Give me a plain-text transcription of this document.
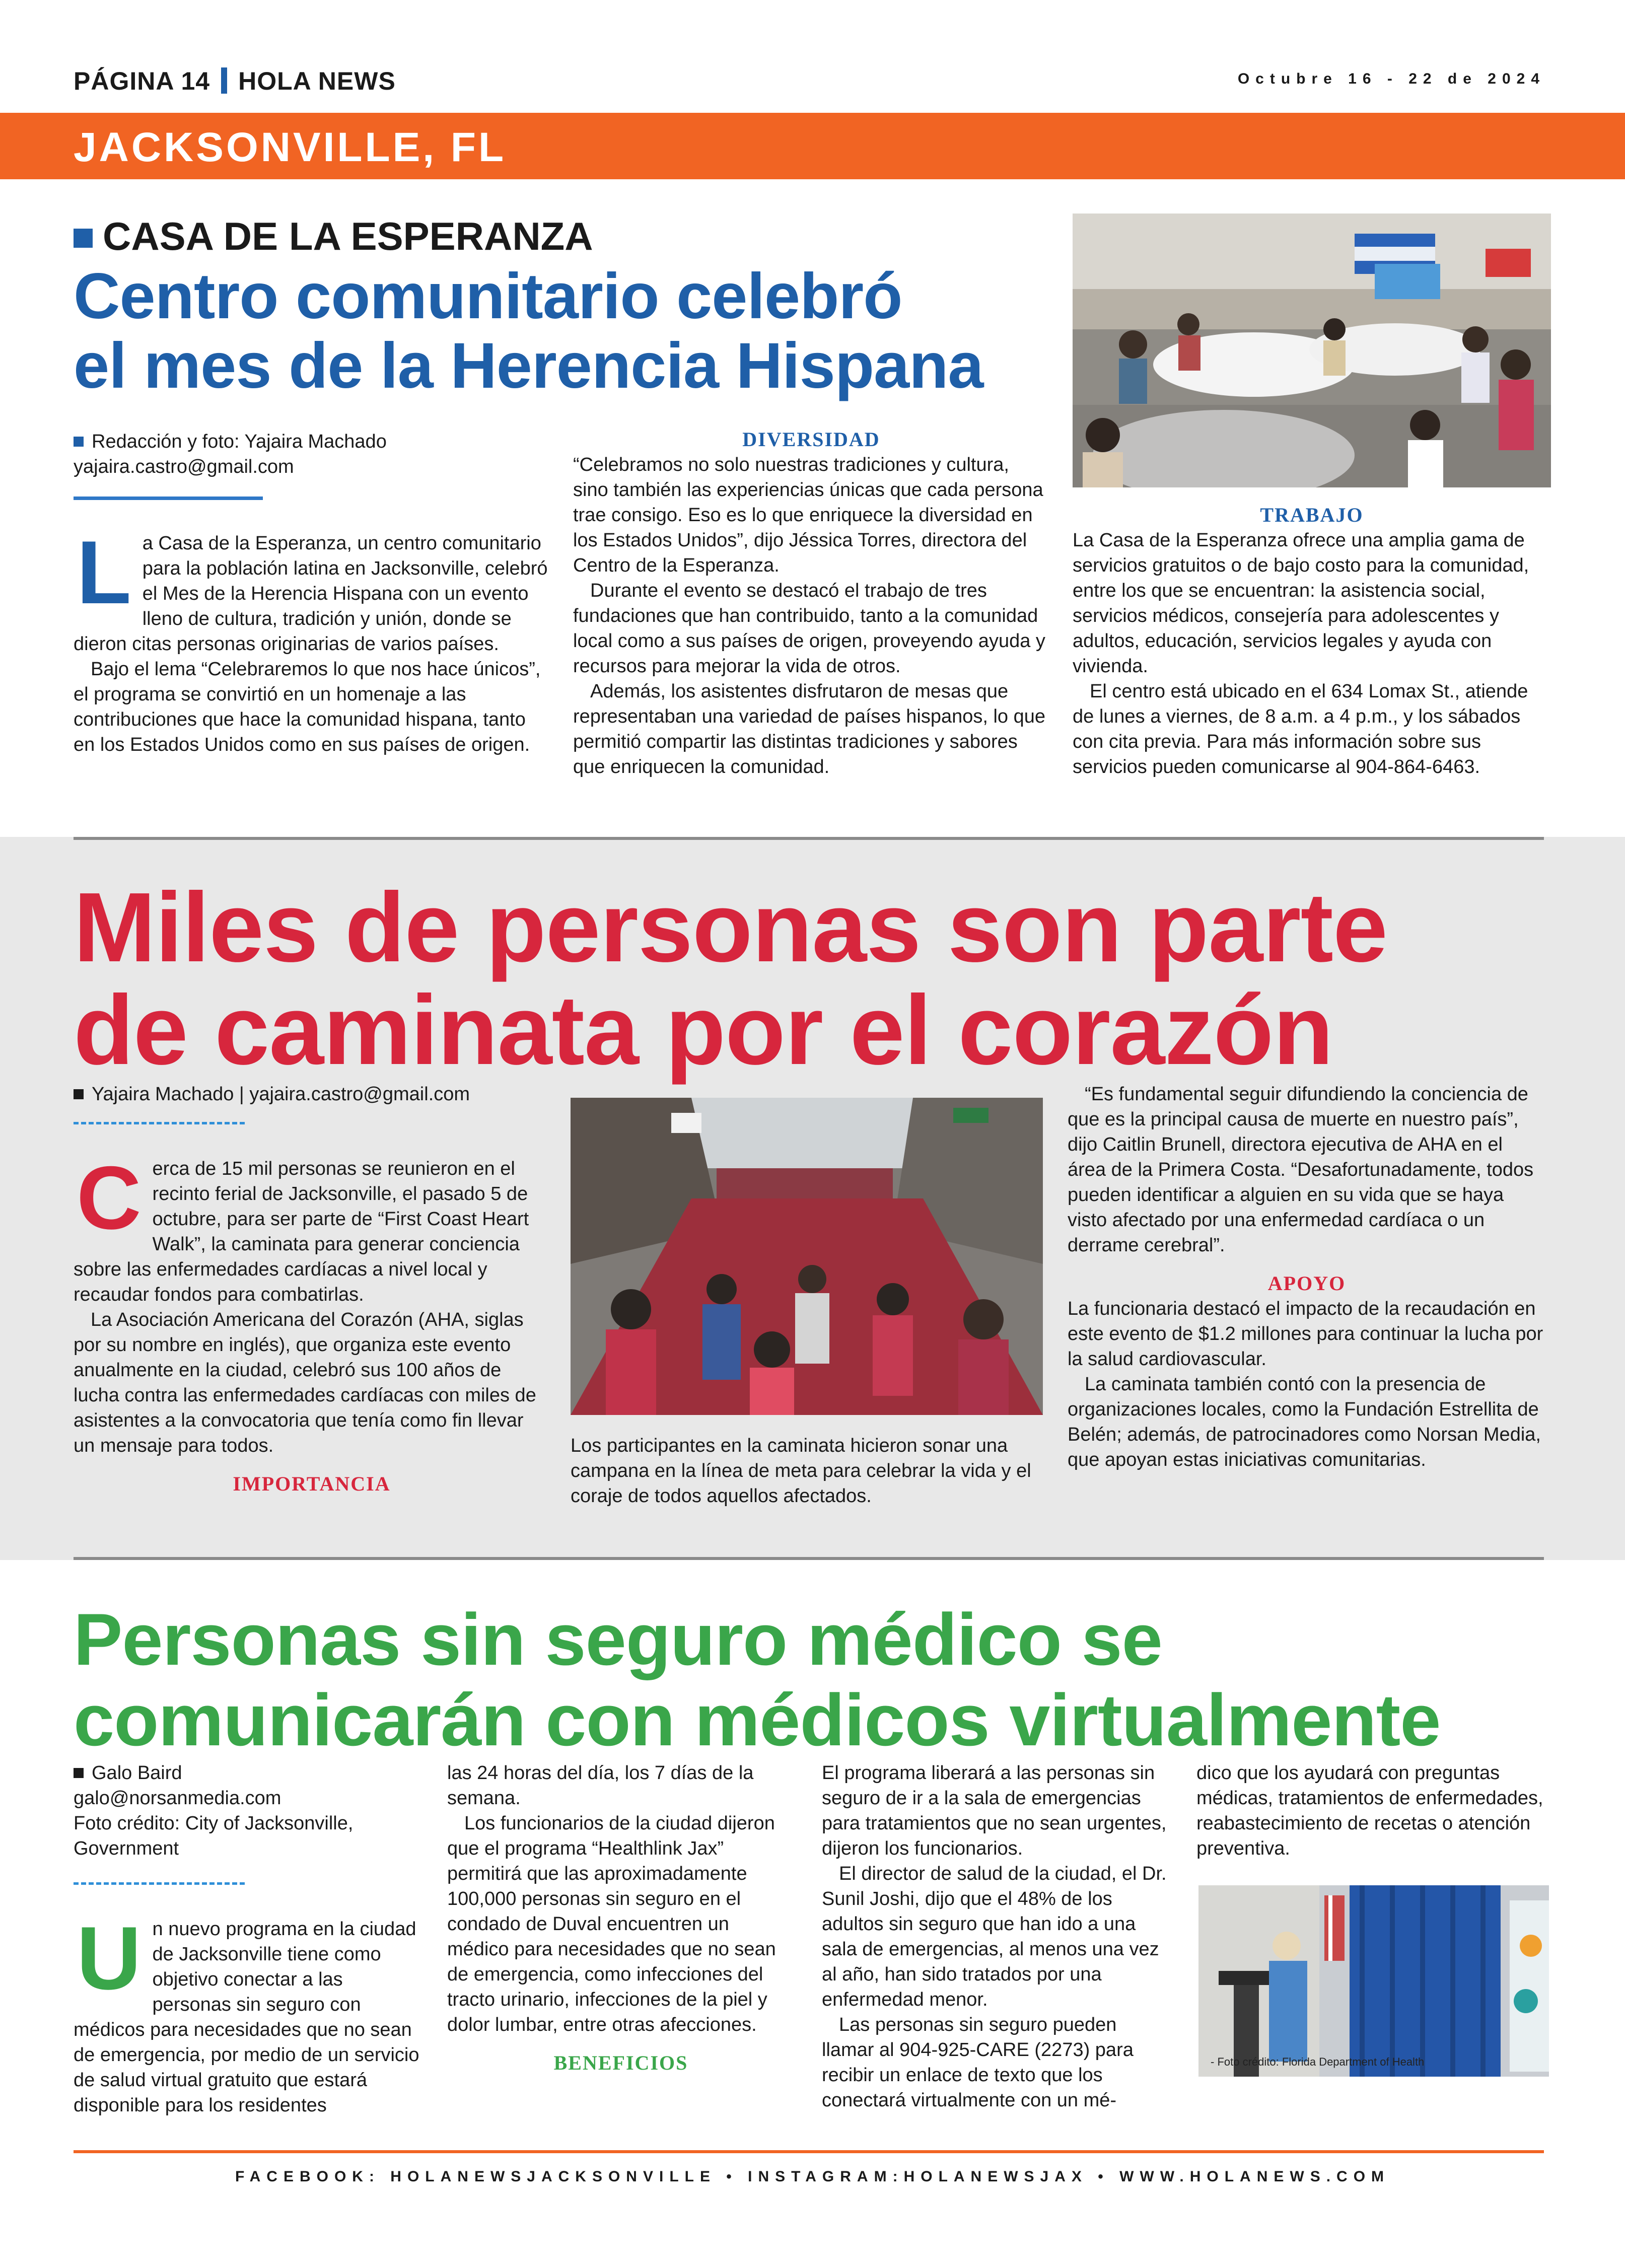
PÁGINA 14 HOLA NEWS	Octubre 16 - 22 de 2024
JACKSONVILLE, FL
CASA DE LA ESPERANZA
Centro comunitario celebró
el mes de la Herencia Hispana
Redacción y foto: Yajaira Machado
yajaira.castro@gmail.com

La Casa de la Esperanza, un centro comunitario para la población latina en Jacksonville, celebró el Mes de la Herencia Hispana con un evento lleno de cultura, tradición y unión, donde se dieron citas personas originarias de varios países.

Bajo el lema “Celebraremos lo que nos hace únicos”, el programa se convirtió en un homenaje a las contribuciones que hace la comunidad hispana, tanto en los Estados Unidos como en sus países de origen.

DIVERSIDAD

“Celebramos no solo nuestras tradiciones y cultura, sino también las experiencias únicas que cada persona trae consigo. Eso es lo que enriquece la diversidad en los Estados Unidos”, dijo Jéssica Torres, directora del Centro de la Esperanza.

Durante el evento se destacó el trabajo de tres fundaciones que han contribuido, tanto a la comunidad local como a sus países de origen, proveyendo ayuda y recursos para mejorar la vida de otros.

Además, los asistentes disfrutaron de mesas que representaban una variedad de países hispanos, lo que permitió compartir las distintas tradiciones y sabores que enriquecen la comunidad.

TRABAJO

La Casa de la Esperanza ofrece una amplia gama de servicios gratuitos o de bajo costo para la comunidad, entre los que se encuentran: la asistencia social, servicios médicos, consejería para adolescentes y adultos, educación, servicios legales y ayuda con vivienda.

El centro está ubicado en el 634 Lomax St., atiende de lunes a viernes, de 8 a.m. a 4 p.m., y los sábados con cita previa. Para más información sobre sus servicios pueden comunicarse al 904-864-6463.

Miles de personas son parte
de caminata por el corazón
Yajaira Machado | yajaira.castro@gmail.com

Cerca de 15 mil personas se reunieron en el recinto ferial de Jacksonville, el pasado 5 de octubre, para ser parte de “First Coast Heart Walk”, la caminata para generar conciencia sobre las enfermedades cardíacas a nivel local y recaudar fondos para combatirlas.

La Asociación Americana del Corazón (AHA, siglas por su nombre en inglés), que organiza este evento anualmente en la ciudad, celebró sus 100 años de lucha contra las enfermedades cardíacas con miles de asistentes a la convocatoria que tenía como fin llevar un mensaje para todos.

IMPORTANCIA
Los participantes en la caminata hicieron sonar una campana en la línea de meta para celebrar la vida y el coraje de todos aquellos afectados.

“Es fundamental seguir difundiendo la conciencia de que es la principal causa de muerte en nuestro país”, dijo Caitlin Brunell, directora ejecutiva de AHA en el área de la Primera Costa. “Desafortunadamente, todos pueden identificar a alguien en su vida que se haya visto afectado por una enfermedad cardíaca o un derrame cerebral”.

APOYO

La funcionaria destacó el impacto de la recaudación en este evento de $1.2 millones para continuar la lucha por la salud cardiovascular.

La caminata también contó con la presencia de organizaciones locales, como la Fundación Estrellita de Belén; además, de patrocinadores como Norsan Media, que apoyan estas iniciativas comunitarias.

Personas sin seguro médico se
comunicarán con médicos virtualmente
Galo Baird
galo@norsanmedia.com
Foto crédito: City of Jacksonville, Government

Un nuevo programa en la ciudad de Jacksonville tiene como objetivo conectar a las personas sin seguro con médicos para necesidades que no sean de emergencia, por medio de un servicio de salud virtual gratuito que estará disponible para los residentes

las 24 horas del día, los 7 días de la semana.

Los funcionarios de la ciudad dijeron que el programa “Healthlink Jax” permitirá que las aproximadamente 100,000 personas sin seguro en el condado de Duval encuentren un médico para necesidades que no sean de emergencia, como infecciones del tracto urinario, infecciones de la piel y dolor lumbar, entre otras afecciones.

BENEFICIOS

El programa liberará a las personas sin seguro de ir a la sala de emergencias para tratamientos que no sean urgentes, dijeron los funcionarios.

El director de salud de la ciudad, el Dr. Sunil Joshi, dijo que el 48% de los adultos sin seguro que han ido a una sala de emergencias, al menos una vez al año, han sido tratados por una enfermedad menor.

Las personas sin seguro pueden llamar al 904-925-CARE (2273) para recibir un enlace de texto que los conectará virtualmente con un mé-

dico que los ayudará con preguntas médicas, tratamientos de enfermedades, reabastecimiento de recetas o atención preventiva.

- Foto crédito: Florida Department of Health
FACEBOOK: HOLANEWSJACKSONVILLE • INSTAGRAM:HOLANEWSJAX • WWW.HOLANEWS.COM
